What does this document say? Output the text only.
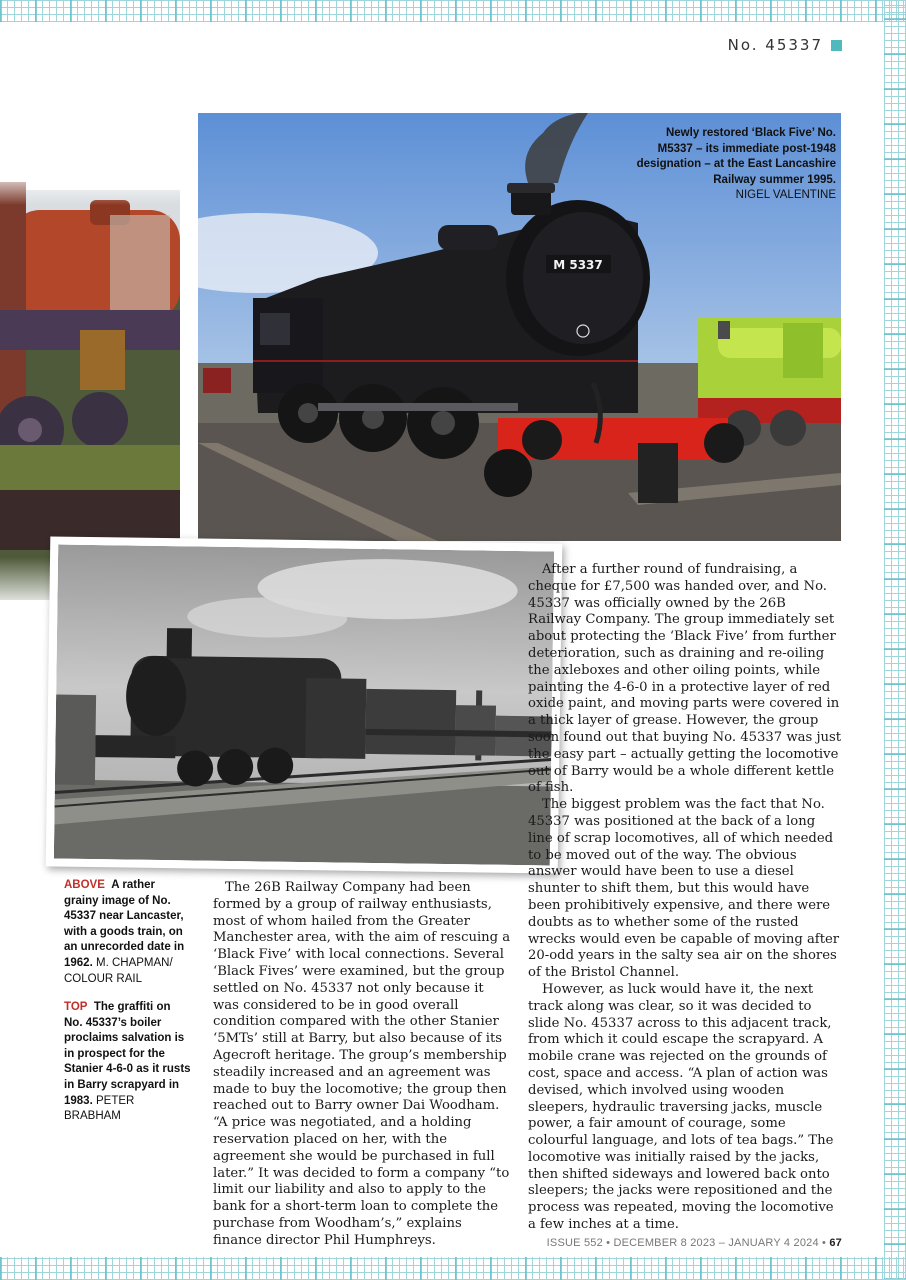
No. 45337
M 5337
Newly restored ‘Black Five’ No. M5337 – its immediate post-1948 designation – at the East Lancashire Railway summer 1995.
NIGEL VALENTINE
ABOVE A rather grainy image of No. 45337 near Lancaster, with a goods train, on an unrecorded date in 1962. M. CHAPMAN/ COLOUR RAIL
TOP The graffiti on No. 45337’s boiler proclaims salvation is in prospect for the Stanier 4-6-0 as it rusts in Barry scrapyard in 1983. PETER BRABHAM

The 26B Railway Company had been formed by a group of railway enthusiasts, most of whom hailed from the Greater Manchester area, with the aim of rescuing a ‘Black Five’ with local connections. Several ‘Black Fives’ were examined, but the group settled on No. 45337 not only because it was considered to be in good overall condition compared with the other Stanier ‘5MTs’ still at Barry, but also because of its Agecroft heritage. The group’s membership steadily increased and an agreement was made to buy the locomotive; the group then reached out to Barry owner Dai Woodham. “A price was negotiated, and a holding reservation placed on her, with the agreement she would be purchased in full later.” It was decided to form a company “to limit our liability and also to apply to the bank for a short-term loan to complete the purchase from Woodham’s,” explains finance director Phil Humphreys.

After a further round of fundraising, a cheque for £7,500 was handed over, and No. 45337 was officially owned by the 26B Railway Company. The group immediately set about protecting the ‘Black Five’ from further deterioration, such as draining and re-oiling the axleboxes and other oiling points, while painting the 4-6-0 in a protective layer of red oxide paint, and moving parts were covered in a thick layer of grease. However, the group soon found out that buying No. 45337 was just the easy part – actually getting the locomotive out of Barry would be a whole different kettle of fish.

The biggest problem was the fact that No. 45337 was positioned at the back of a long line of scrap locomotives, all of which needed to be moved out of the way. The obvious answer would have been to use a diesel shunter to shift them, but this would have been prohibitively expensive, and there were doubts as to whether some of the rusted wrecks would even be capable of moving after 20-odd years in the salty sea air on the shores of the Bristol Channel.

However, as luck would have it, the next track along was clear, so it was decided to slide No. 45337 across to this adjacent track, from which it could escape the scrapyard. A mobile crane was rejected on the grounds of cost, space and access. “A plan of action was devised, which involved using wooden sleepers, hydraulic traversing jacks, muscle power, a fair amount of courage, some colourful language, and lots of tea bags.” The locomotive was initially raised by the jacks, then shifted sideways and lowered back onto sleepers; the jacks were repositioned and the process was repeated, moving the locomotive a few inches at a time.

ISSUE 552 • DECEMBER 8 2023 – JANUARY 4 2024 • 67
